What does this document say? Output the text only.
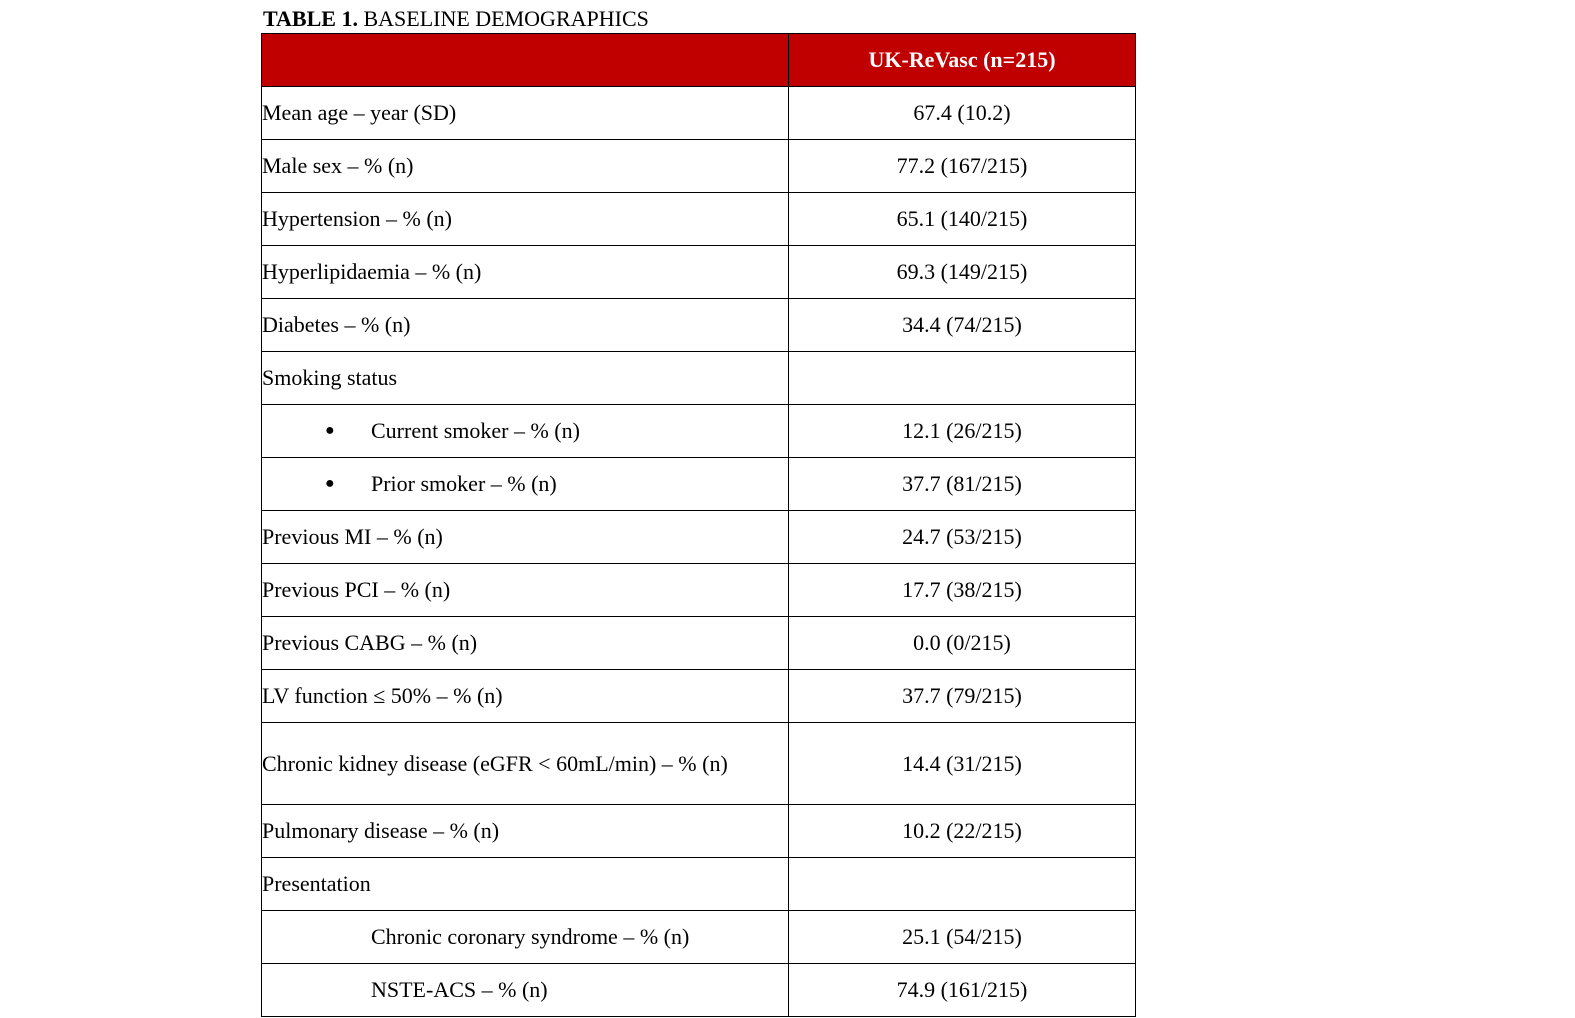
TABLE 1. BASELINE DEMOGRAPHICS
	UK-ReVasc (n=215)
Mean age – year (SD)	67.4 (10.2)
Male sex – % (n)	77.2 (167/215)
Hypertension – % (n)	65.1 (140/215)
Hyperlipidaemia – % (n)	69.3 (149/215)
Diabetes – % (n)	34.4 (74/215)
Smoking status	

● Current smoker – % (n)	12.1 (26/215)

● Prior smoker – % (n)	37.7 (81/215)
Previous MI – % (n)	24.7 (53/215)
Previous PCI – % (n)	17.7 (38/215)
Previous CABG – % (n)	0.0 (0/215)
LV function ≤ 50% – % (n)	37.7 (79/215)
Chronic kidney disease (eGFR < 60mL/min) – % (n)	14.4 (31/215)
Pulmonary disease – % (n)	10.2 (22/215)
Presentation	
Chronic coronary syndrome – % (n)	25.1 (54/215)
NSTE-ACS – % (n)	74.9 (161/215)
